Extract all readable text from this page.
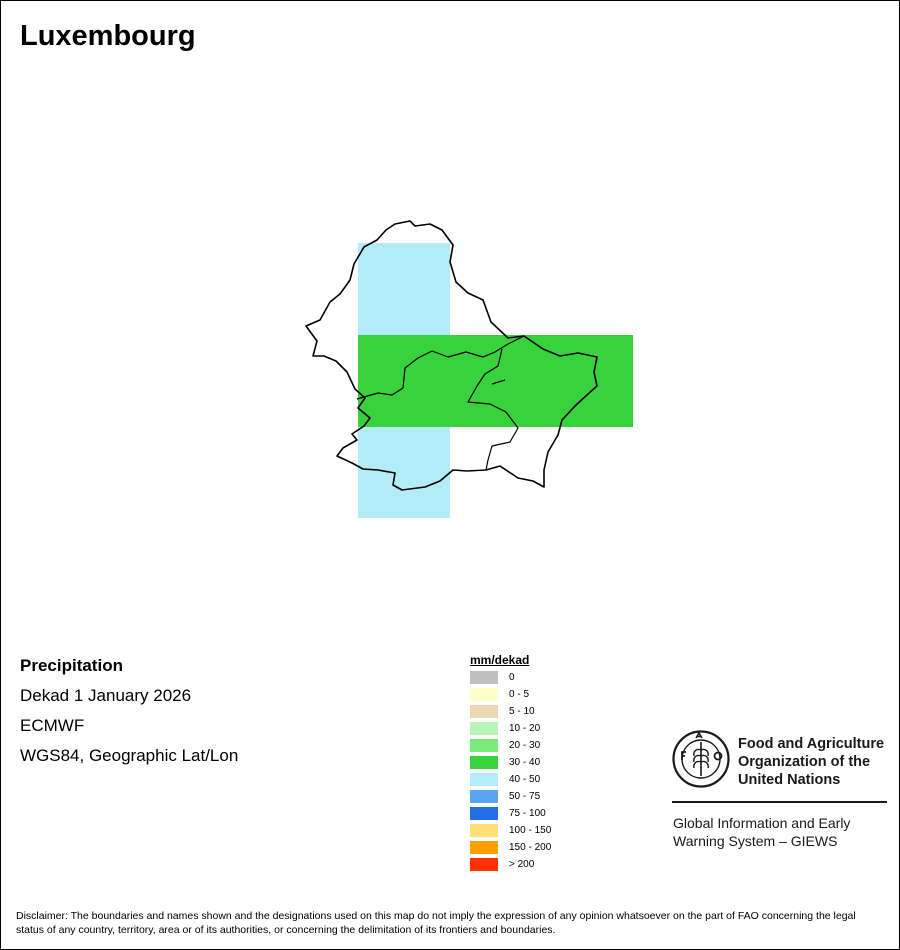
Luxembourg
Precipitation
Dekad 1 January 2026
ECMWF
WGS84, Geographic Lat/Lon
mm/dekad
0
0 - 5
5 - 10
10 - 20
20 - 30
30 - 40
40 - 50
50 - 75
75 - 100
100 - 150
150 - 200
> 200
Food and Agriculture
Organization of the
United Nations
Global Information and Early
Warning System – GIEWS
Disclaimer: The boundaries and names shown and the designations used on this map do not imply the expression of any opinion whatsoever on the part of FAO concerning the legal status of any country, territory, area or of its authorities, or concerning the delimitation of its frontiers and boundaries.
